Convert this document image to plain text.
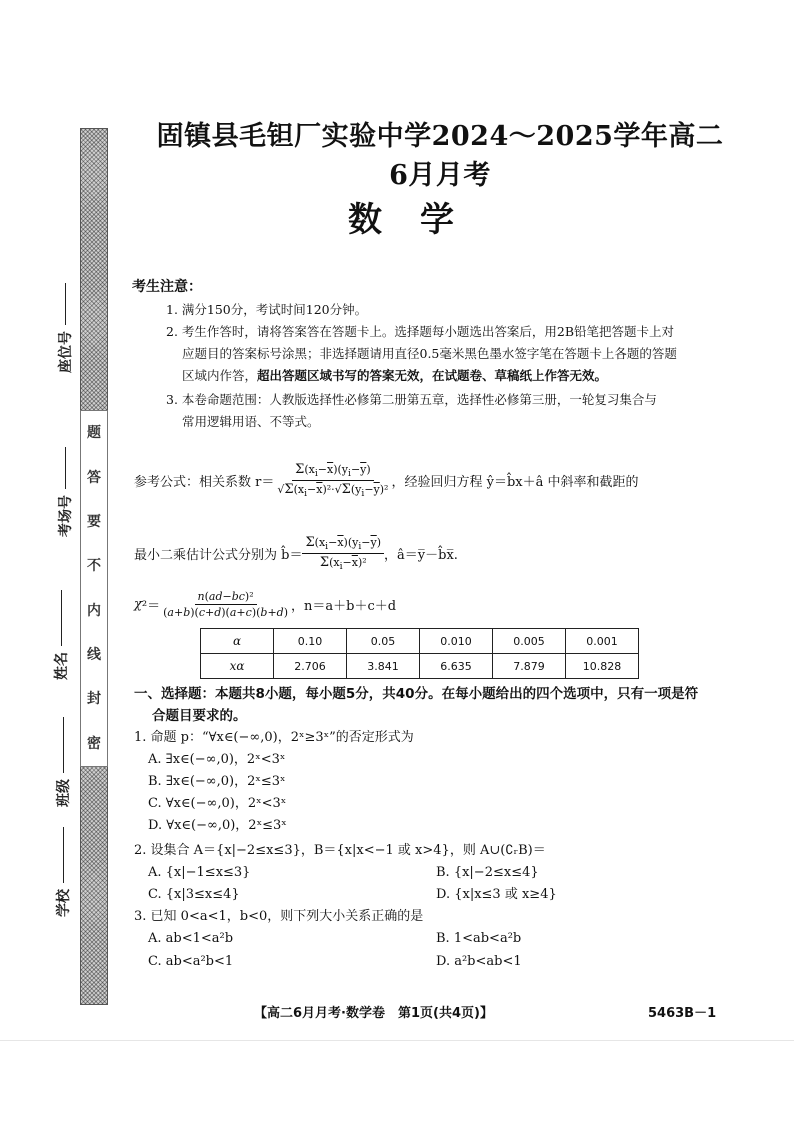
题
答
要
不
内
线
封
密
座位号
考场号
姓名
班级
学校
固镇县毛钽厂实验中学2024～2025学年高二6月月考
数学
考生注意：
1. 满分150分，考试时间120分钟。
2. 考生作答时，请将答案答在答题卡上。选择题每小题选出答案后，用2B铅笔把答题卡上对
应题目的答案标号涂黑；非选择题请用直径0.5毫米黑色墨水签字笔在答题卡上各题的答题
区域内作答，超出答题区域书写的答案无效，在试题卷、草稿纸上作答无效。
3. 本卷命题范围：人教版选择性必修第二册第五章，选择性必修第三册，一轮复习集合与
常用逻辑用语、不等式。
参考公式：相关系数 $r= \frac{\Sigma(x_i-\overline{x})(y_i-\overline{y})}{√\Sigma(x_i-\overline{x})^2\cdot√\Sigma(y_i-\overline{y})^2}$ ，经验回归方程 ŷ＝b̂x＋â 中斜率和截距的
最小二乘估计公式分别为 b̂＝ $\frac{\Sigma(x_i-\overline{x})(y_i-\overline{y})}{\Sigma(x_i-\overline{x})^2}$ ，â＝y̅－b̂x̅.
χ $^2= \frac{\text{n(ad−bc)²}}{(a+b)(c+d)(a+c)(b+d)}$ ，n＝a＋b＋c＋d
α	0.10	0.05	0.010	0.005	0.001
xα	2.706	3.841	6.635	7.879	10.828
一、选择题：本题共8小题，每小题5分，共40分。在每小题给出的四个选项中，只有一项是符
合题目要求的。
1. 命题 p：“∀x∈(−∞,0)，2ˣ≥3ˣ”的否定形式为
A. ∃x∈(−∞,0)，2ˣ<3ˣ
B. ∃x∈(−∞,0)，2ˣ≤3ˣ
C. ∀x∈(−∞,0)，2ˣ<3ˣ
D. ∀x∈(−∞,0)，2ˣ≤3ˣ
2. 设集合 A＝{x|−2≤x≤3}，B＝{x|x<−1 或 x>4}，则 A∪(∁ᵣB)＝
A. {x|−1≤x≤3}	B. {x|−2≤x≤4}
C. {x|3≤x≤4}	D. {x|x≤3 或 x≥4}
3. 已知 0<a<1，b<0，则下列大小关系正确的是
A. ab<1<a²b	B. 1<ab<a²b
C. ab<a²b<1	D. a²b<ab<1
【高二6月月考·数学卷　第1页(共4页)】	5463B－1
